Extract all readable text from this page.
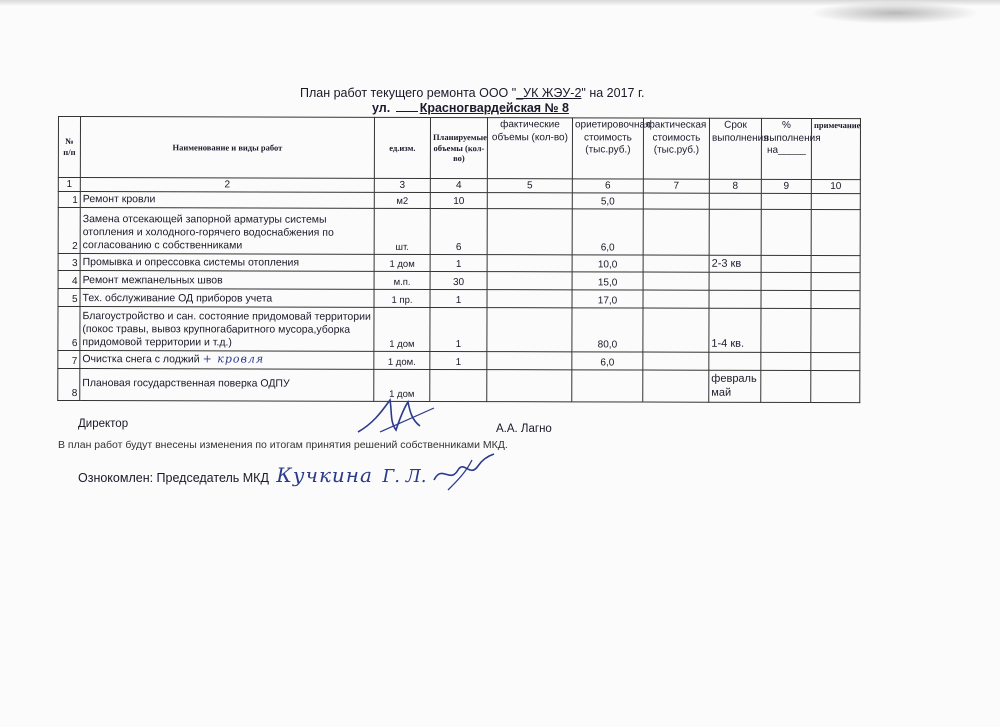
План работ текущего ремонта ООО "_УК ЖЭУ-2" на 2017 г.
ул. Красногвардейская № 8
№ п/п	Наименование и виды работ	ед.изм.	Планируемые объемы (кол-во)	фактические объемы (кол-во)	ориетировочная стоимость (тыс.руб.)	фактическая стоимость (тыс.руб.)	Срок выполнения	% выполнения на_____	примечание
1	2	3	4	5	6	7	8	9	10
1	Ремонт кровли	м2	10		5,0				
2	Замена отсекающей запорной арматуры системы отопления и холодного-горячего водоснабжения по согласованию с собственниками	шт.	6		6,0				
3	Промывка и опрессовка системы отопления	1 дом	1		10,0		2-3 кв		
4	Ремонт межпанельных швов	м.п.	30		15,0				
5	Тех. обслуживание ОД приборов учета	1 пр.	1		17,0				
6	Благоустройство и сан. состояние придомовай территории (покос травы, вывоз крупногабаритного мусора,уборка придомовой территории и т.д.)	1 дом	1		80,0		1-4 кв.		
7	Очистка снега с лоджий + кровля	1 дом.	1		6,0				
8	Плановая государственная поверка ОДПУ	1 дом					февраль май		
Директор	А.А. Лагно
В план работ будут внесены изменения по итогам принятия решений собственниками МКД.
Ознокомлен: Председатель МКД Кучкина Г. Л.
